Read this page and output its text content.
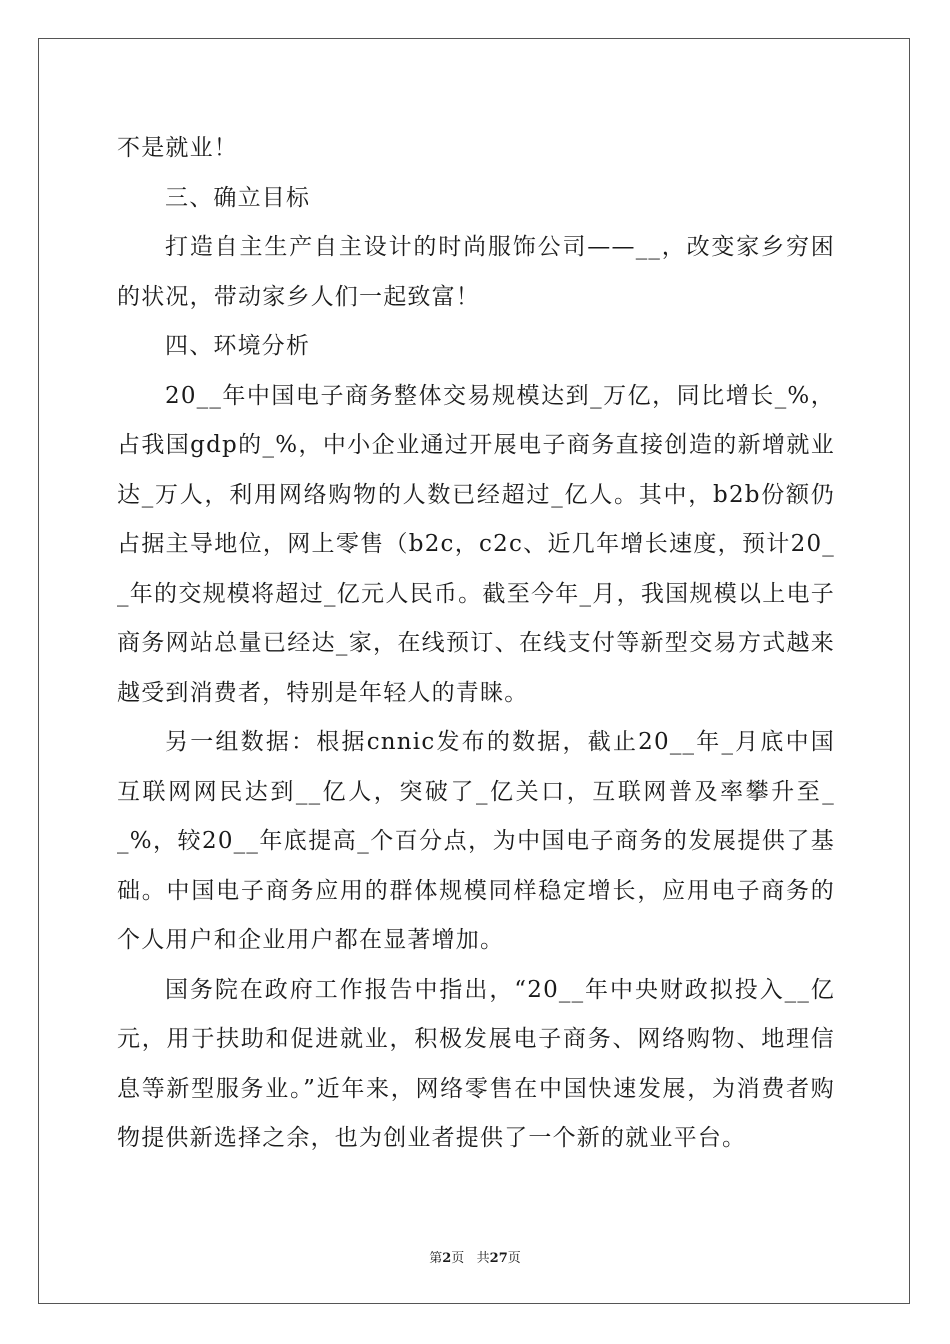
不是就业！

三、确立目标

打造自主生产自主设计的时尚服饰公司——__，改变家乡穷困的状况，带动家乡人们一起致富！

四、环境分析

20__年中国电子商务整体交易规模达到_万亿，同比增长_%，占我国gdp的_%，中小企业通过开展电子商务直接创造的新增就业达_万人，利用网络购物的人数已经超过_亿人。其中，b2b份额仍占据主导地位，网上零售（b2c，c2c、近几年增长速度，预计20__年的交规模将超过_亿元人民币。截至今年_月，我国规模以上电子商务网站总量已经达_家，在线预订、在线支付等新型交易方式越来越受到消费者，特别是年轻人的青睐。

另一组数据：根据cnnic发布的数据，截止20__年_月底中国互联网网民达到__亿人，突破了_亿关口，互联网普及率攀升至__%，较20__年底提高_个百分点，为中国电子商务的发展提供了基础。中国电子商务应用的群体规模同样稳定增长，应用电子商务的个人用户和企业用户都在显著增加。

国务院在政府工作报告中指出，“20__年中央财政拟投入__亿元，用于扶助和促进就业，积极发展电子商务、网络购物、地理信息等新型服务业。”近年来，网络零售在中国快速发展，为消费者购物提供新选择之余，也为创业者提供了一个新的就业平台。

第2页   共27页
